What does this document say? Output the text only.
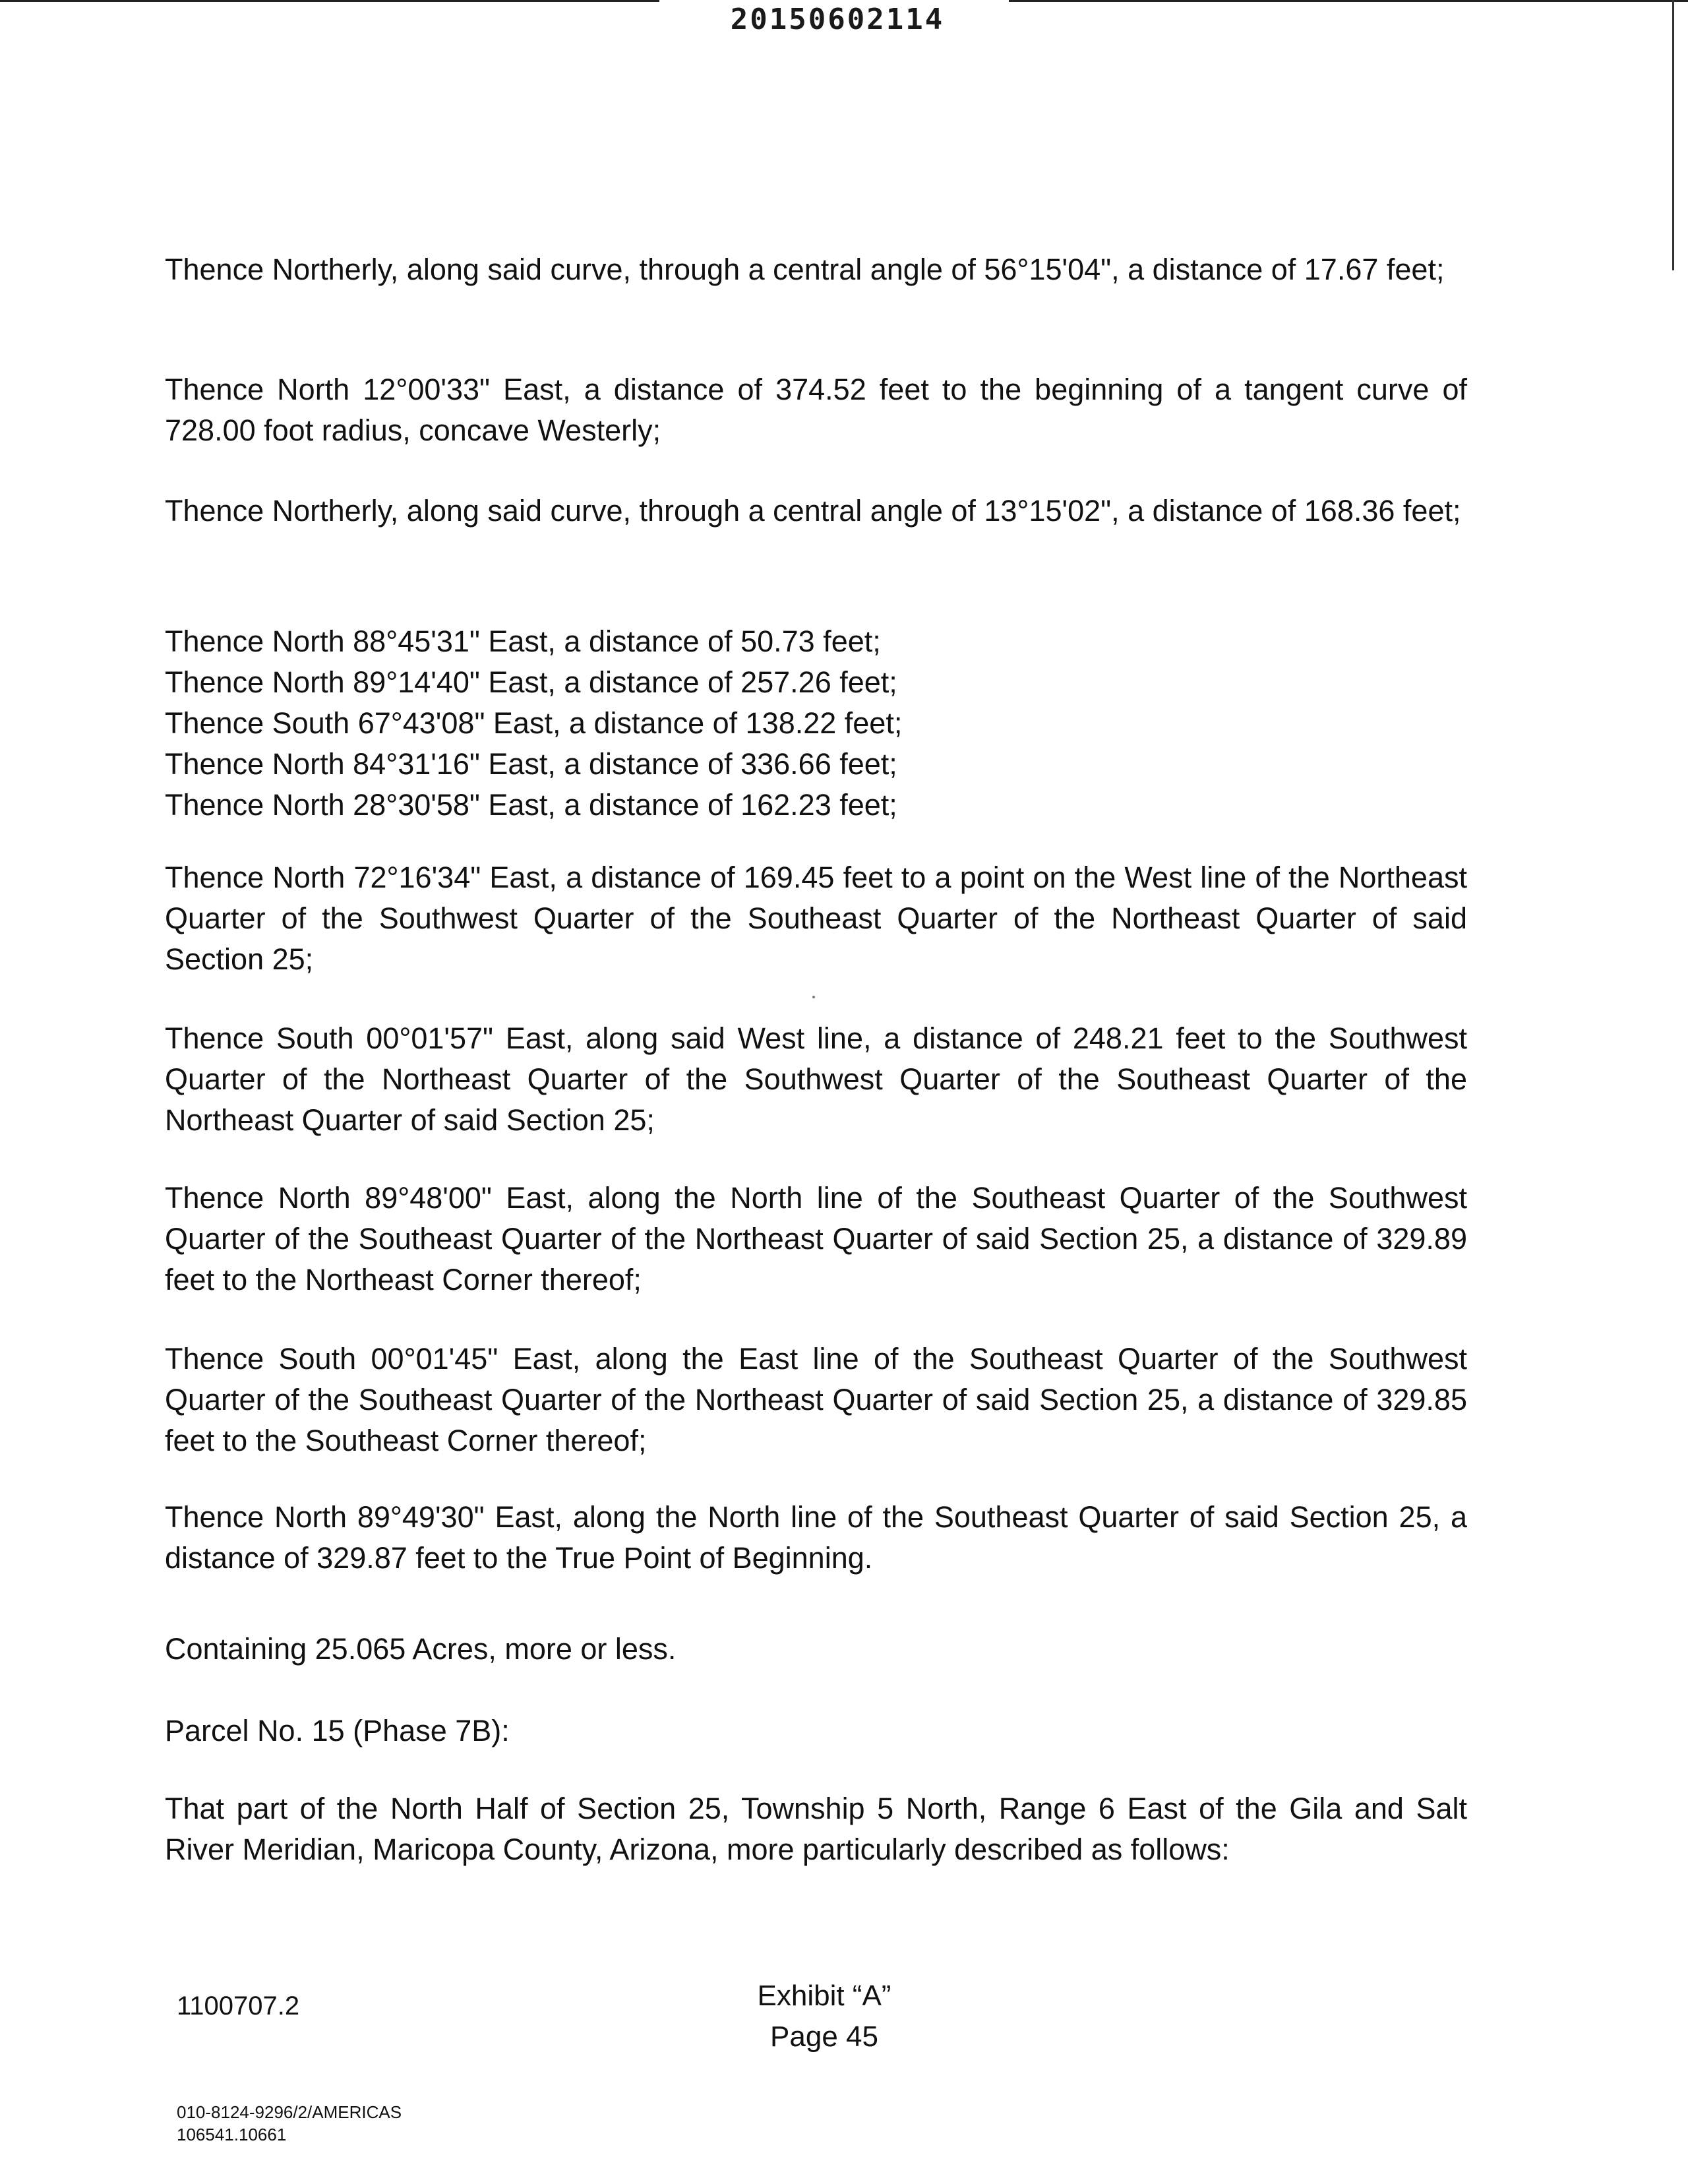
20150602114

Thence Northerly, along said curve, through a central angle of 56°15'04", a distance of 17.67 feet;

Thence North 12°00'33" East, a distance of 374.52 feet to the beginning of a tangent curve of 728.00 foot radius, concave Westerly;

Thence Northerly, along said curve, through a central angle of 13°15'02", a distance of 168.36 feet;

Thence North 88°45'31" East, a distance of 50.73 feet;
Thence North 89°14'40" East, a distance of 257.26 feet;
Thence South 67°43'08" East, a distance of 138.22 feet;
Thence North 84°31'16" East, a distance of 336.66 feet;
Thence North 28°30'58" East, a distance of 162.23 feet;

Thence North 72°16'34" East, a distance of 169.45 feet to a point on the West line of the Northeast Quarter of the Southwest Quarter of the Southeast Quarter of the Northeast Quarter of said Section 25;

Thence South 00°01'57" East, along said West line, a distance of 248.21 feet to the Southwest Quarter of the Northeast Quarter of the Southwest Quarter of the Southeast Quarter of the Northeast Quarter of said Section 25;

Thence North 89°48'00" East, along the North line of the Southeast Quarter of the Southwest Quarter of the Southeast Quarter of the Northeast Quarter of said Section 25, a distance of 329.89 feet to the Northeast Corner thereof;

Thence South 00°01'45" East, along the East line of the Southeast Quarter of the Southwest Quarter of the Southeast Quarter of the Northeast Quarter of said Section 25, a distance of 329.85 feet to the Southeast Corner thereof;

Thence North 89°49'30" East, along the North line of the Southeast Quarter of said Section 25, a distance of 329.87 feet to the True Point of Beginning.

Containing 25.065 Acres, more or less.

Parcel No. 15 (Phase 7B):

That part of the North Half of Section 25, Township 5 North, Range 6 East of the Gila and Salt River Meridian, Maricopa County, Arizona, more particularly described as follows:

1100707.2	Exhibit “A”
Page 45
010-8124-9296/2/AMERICAS
106541.10661
